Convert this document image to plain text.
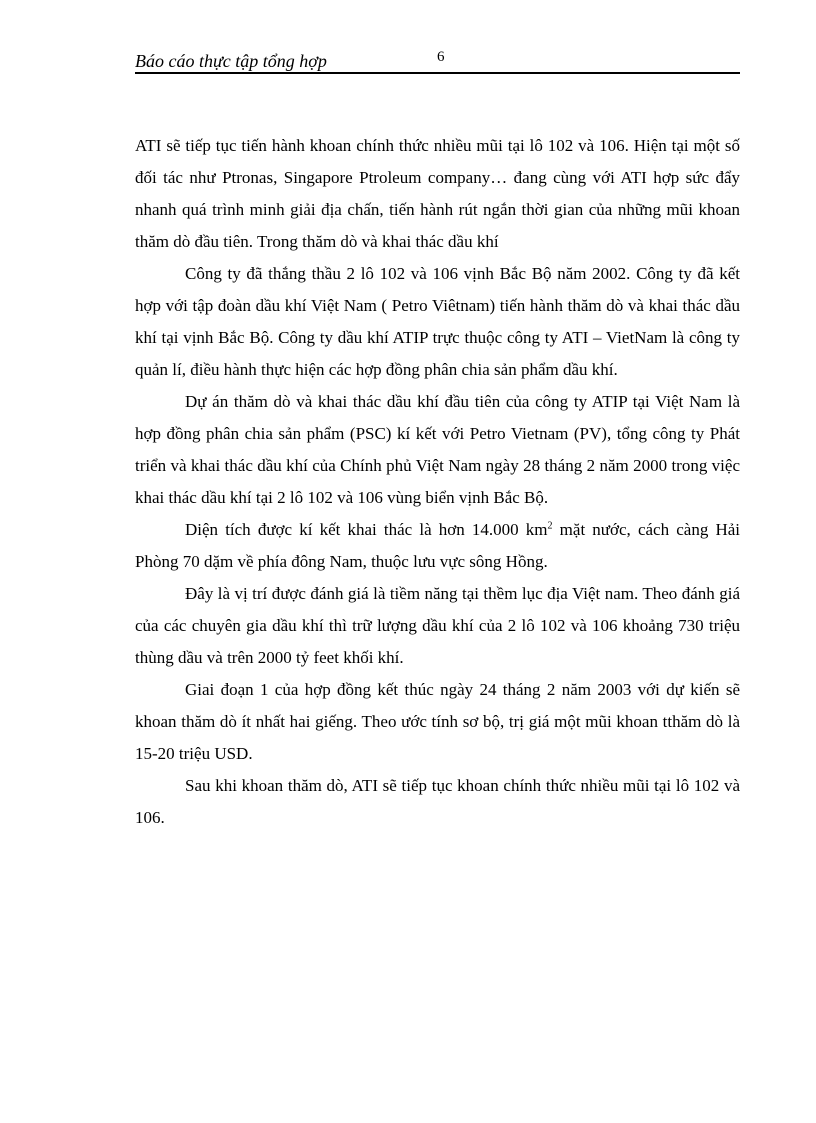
Báo cáo thực tập tổng hợp	6

ATI sẽ tiếp tục tiến hành khoan chính thức nhiều mũi tại lô 102 và 106. Hiện tại một số đối tác như Ptronas, Singapore Ptroleum company… đang cùng với ATI hợp sức đẩy nhanh quá trình minh giải địa chấn, tiến hành rút ngắn thời gian của những mũi khoan thăm dò đầu tiên. Trong thăm dò và khai thác dầu khí

Công ty đã thắng thầu 2 lô 102 và 106 vịnh Bắc Bộ năm 2002. Công ty đã kết hợp với tập đoàn dầu khí Việt Nam ( Petro Viêtnam) tiến hành thăm dò và khai thác dầu khí tại vịnh Bắc Bộ. Công ty dầu khí ATIP trực thuộc công ty ATI – VietNam là công ty quản lí, điều hành thực hiện các hợp đồng phân chia sản phẩm dầu khí.

Dự án thăm dò và khai thác dầu khí đầu tiên của công ty ATIP tại Việt Nam là hợp đồng phân chia sản phẩm (PSC) kí kết với Petro Vietnam (PV), tổng công ty Phát triển và khai thác dầu khí của Chính phủ Việt Nam ngày 28 tháng 2 năm 2000 trong việc khai thác dầu khí tại 2 lô 102 và 106 vùng biển vịnh Bắc Bộ.

Diện tích được kí kết khai thác là hơn 14.000 $km^2$ mặt nước, cách càng Hải Phòng 70 dặm về phía đông Nam, thuộc lưu vực sông Hồng.

Đây là vị trí được đánh giá là tiềm năng tại thềm lục địa Việt nam. Theo đánh giá của các chuyên gia dầu khí thì trữ lượng dầu khí của 2 lô 102 và 106 khoảng 730 triệu thùng dầu và trên 2000 tỷ feet khối khí.

Giai đoạn 1 của hợp đồng kết thúc ngày 24 tháng 2 năm 2003 với dự kiến sẽ khoan thăm dò ít nhất hai giếng. Theo ước tính sơ bộ, trị giá một mũi khoan tthăm dò là 15-20 triệu USD.

Sau khi khoan thăm dò, ATI sẽ tiếp tục khoan chính thức nhiều mũi tại lô 102 và 106.
